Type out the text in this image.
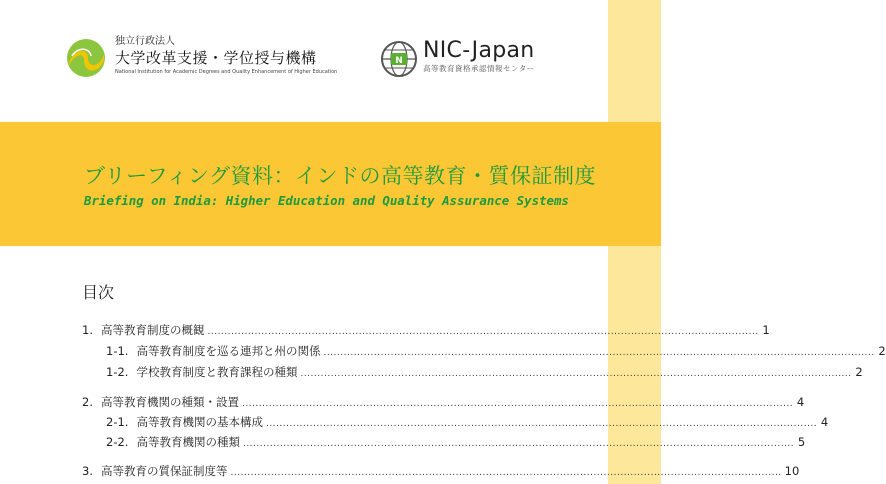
独立行政法人
大学改革支援・学位授与機構
National Institution for Academic Degrees and Quality Enhancement of Higher Education
N NIC-Japan
高等教育資格承認情報センター
ブリーフィング資料：インドの高等教育・質保証制度
Briefing on India: Higher Education and Quality Assurance Systems
目次
1. 高等教育制度の概観 .................................................................................................................................................................... 1
1-1. 高等教育制度を巡る連邦と州の関係 .................................................................................................................................................................... 2
1-2. 学校教育制度と教育課程の種類 .................................................................................................................................................................... 2
2. 高等教育機関の種類・設置 .................................................................................................................................................................... 4
2-1. 高等教育機関の基本構成 .................................................................................................................................................................... 4
2-2. 高等教育機関の種類 .................................................................................................................................................................... 5
3. 高等教育の質保証制度等 .................................................................................................................................................................... 10
